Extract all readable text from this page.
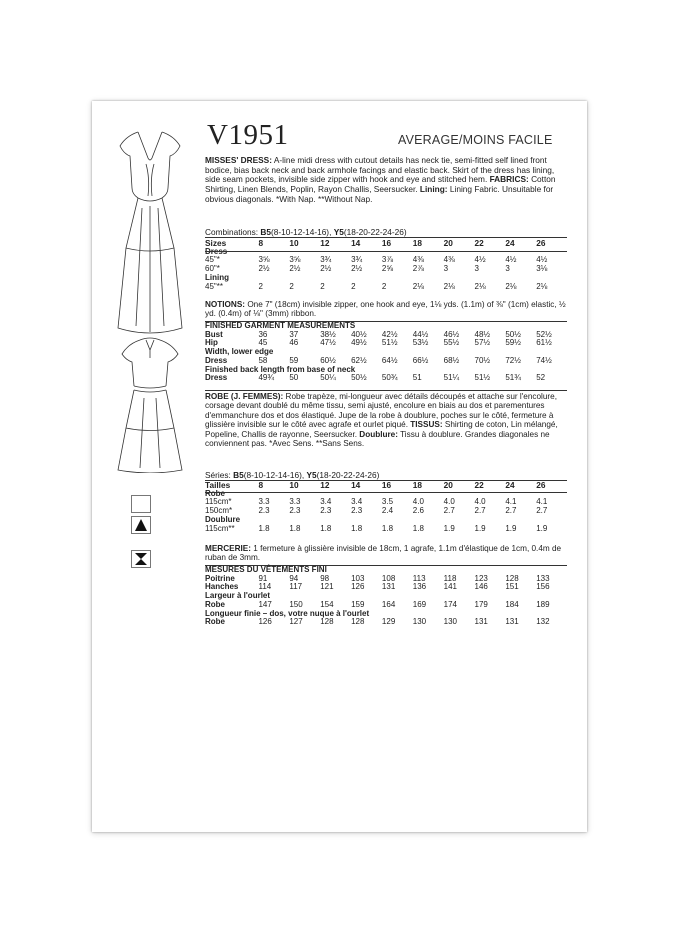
V1951	AVERAGE/MOINS FACILE
MISSES' DRESS: A-line midi dress with cutout details has neck tie, semi-fitted self lined front bodice, bias back neck and back armhole facings and elastic back. Skirt of the dress has lining, side seam pockets, invisible side zipper with hook and eye and stitched hem. FABRICS: Cotton Shirting, Linen Blends, Poplin, Rayon Challis, Seersucker. Lining: Lining Fabric. Unsuitable for obvious diagonals. *With Nap. **Without Nap.
Combinations: B5(8-10-12-14-16), Y5(18-20-22-24-26)
Sizes	8	10	12	14	16	18	20	22	24	26
Dress										
45"*	3⅝	3⅝	3¾	3¾	3⅞	4⅜	4⅜	4½	4½	4½
60"*	2½	2½	2½	2½	2⅝	2⅞	3	3	3	3⅛
Lining										
45"**	2	2	2	2	2	2⅛	2⅛	2⅛	2⅛	2⅛
NOTIONS: One 7" (18cm) invisible zipper, one hook and eye, 1⅛ yds. (1.1m) of ⅜" (1cm) elastic, ½ yd. (0.4m) of ⅛" (3mm) ribbon.
FINISHED GARMENT MEASUREMENTS										
Bust	36	37	38½	40½	42½	44½	46½	48½	50½	52½
Hip	45	46	47½	49½	51½	53½	55½	57½	59½	61½
Width, lower edge										
Dress	58	59	60½	62½	64½	66½	68½	70½	72½	74½
Finished back length from base of neck										
Dress	49¾	50	50¼	50½	50¾	51	51¼	51½	51¾	52
ROBE (J. FEMMES): Robe trapèze, mi-longueur avec détails découpés et attache sur l'encolure, corsage devant doublé du même tissu, semi ajusté, encolure en biais au dos et parementures d'emmanchure dos et dos élastiqué. Jupe de la robe à doublure, poches sur le côté, fermeture à glissière invisible sur le côté avec agrafe et ourlet piqué. TISSUS: Shirting de coton, Lin mélangé, Popeline, Challis de rayonne, Seersucker. Doublure: Tissu à doublure. Grandes diagonales ne conviennent pas. *Avec Sens. **Sans Sens.
Séries: B5(8-10-12-14-16), Y5(18-20-22-24-26)
Tailles	8	10	12	14	16	18	20	22	24	26
Robe										
115cm*	3.3	3.3	3.4	3.4	3.5	4.0	4.0	4.0	4.1	4.1
150cm*	2.3	2.3	2.3	2.3	2.4	2.6	2.7	2.7	2.7	2.7
Doublure										
115cm**	1.8	1.8	1.8	1.8	1.8	1.8	1.9	1.9	1.9	1.9
MERCERIE: 1 fermeture à glissière invisible de 18cm, 1 agrafe, 1.1m d'élastique de 1cm, 0.4m de ruban de 3mm.
MESURES DU VÊTEMENTS FINI										
Poitrine	91	94	98	103	108	113	118	123	128	133
Hanches	114	117	121	126	131	136	141	146	151	156
Largeur à l'ourlet										
Robe	147	150	154	159	164	169	174	179	184	189
Longueur finie – dos, votre nuque à l'ourlet										
Robe	126	127	128	128	129	130	130	131	131	132
